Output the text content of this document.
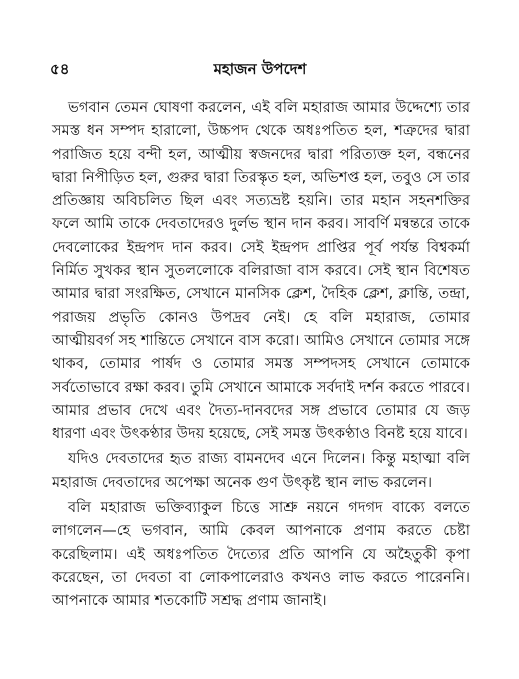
৫৪	মহাজন উপদেশ

ভগবান তেমন ঘোষণা করলেন, এই বলি মহারাজ আমার উদ্দেশ্যে তার সমস্ত ধন সম্পদ হারালো, উচ্চপদ থেকে অধঃপতিত হল, শত্রুদের দ্বারা পরাজিত হয়ে বন্দী হল, আত্মীয় স্বজনদের দ্বারা পরিত্যক্ত হল, বন্ধনের দ্বারা নিপীড়িত হল, গুরুর দ্বারা তিরস্কৃত হল, অভিশপ্ত হল, তবুও সে তার প্রতিজ্ঞায় অবিচলিত ছিল এবং সত্যভ্রষ্ট হয়নি। তার মহান সহনশক্তির ফলে আমি তাকে দেবতাদেরও দুর্লভ স্থান দান করব। সাবর্ণি মন্বন্তরে তাকে দেবলোকের ইন্দ্রপদ দান করব। সেই ইন্দ্রপদ প্রাপ্তির পূর্ব পর্যন্ত বিশ্বকর্মা নির্মিত সুখকর স্থান সুতললোকে বলিরাজা বাস করবে। সেই স্থান বিশেষত আমার দ্বারা সংরক্ষিত, সেখানে মানসিক ক্লেশ, দৈহিক ক্লেশ, ক্লান্তি, তন্দ্রা, পরাজয় প্রভৃতি কোনও উপদ্রব নেই। হে বলি মহারাজ, তোমার আত্মীয়বর্গ সহ শান্তিতে সেখানে বাস করো। আমিও সেখানে তোমার সঙ্গে থাকব, তোমার পার্ষদ ও তোমার সমস্ত সম্পদসহ সেখানে তোমাকে সর্বতোভাবে রক্ষা করব। তুমি সেখানে আমাকে সর্বদাই দর্শন করতে পারবে। আমার প্রভাব দেখে এবং দৈত্য-দানবদের সঙ্গ প্রভাবে তোমার যে জড় ধারণা এবং উৎকণ্ঠার উদয় হয়েছে, সেই সমস্ত উৎকণ্ঠাও বিনষ্ট হয়ে যাবে।

যদিও দেবতাদের হৃত রাজ্য বামনদেব এনে দিলেন। কিন্তু মহাত্মা বলি মহারাজ দেবতাদের অপেক্ষা অনেক গুণ উৎকৃষ্ট স্থান লাভ করলেন।

বলি মহারাজ ভক্তিব্যাকুল চিত্তে সাশ্রু নয়নে গদগদ বাক্যে বলতে লাগলেন—হে ভগবান, আমি কেবল আপনাকে প্রণাম করতে চেষ্টা করেছিলাম। এই অধঃপতিত দৈত্যের প্রতি আপনি যে অহৈতুকী কৃপা করেছেন, তা দেবতা বা লোকপালেরাও কখনও লাভ করতে পারেননি। আপনাকে আমার শতকোটি সশ্রদ্ধ প্রণাম জানাই।
